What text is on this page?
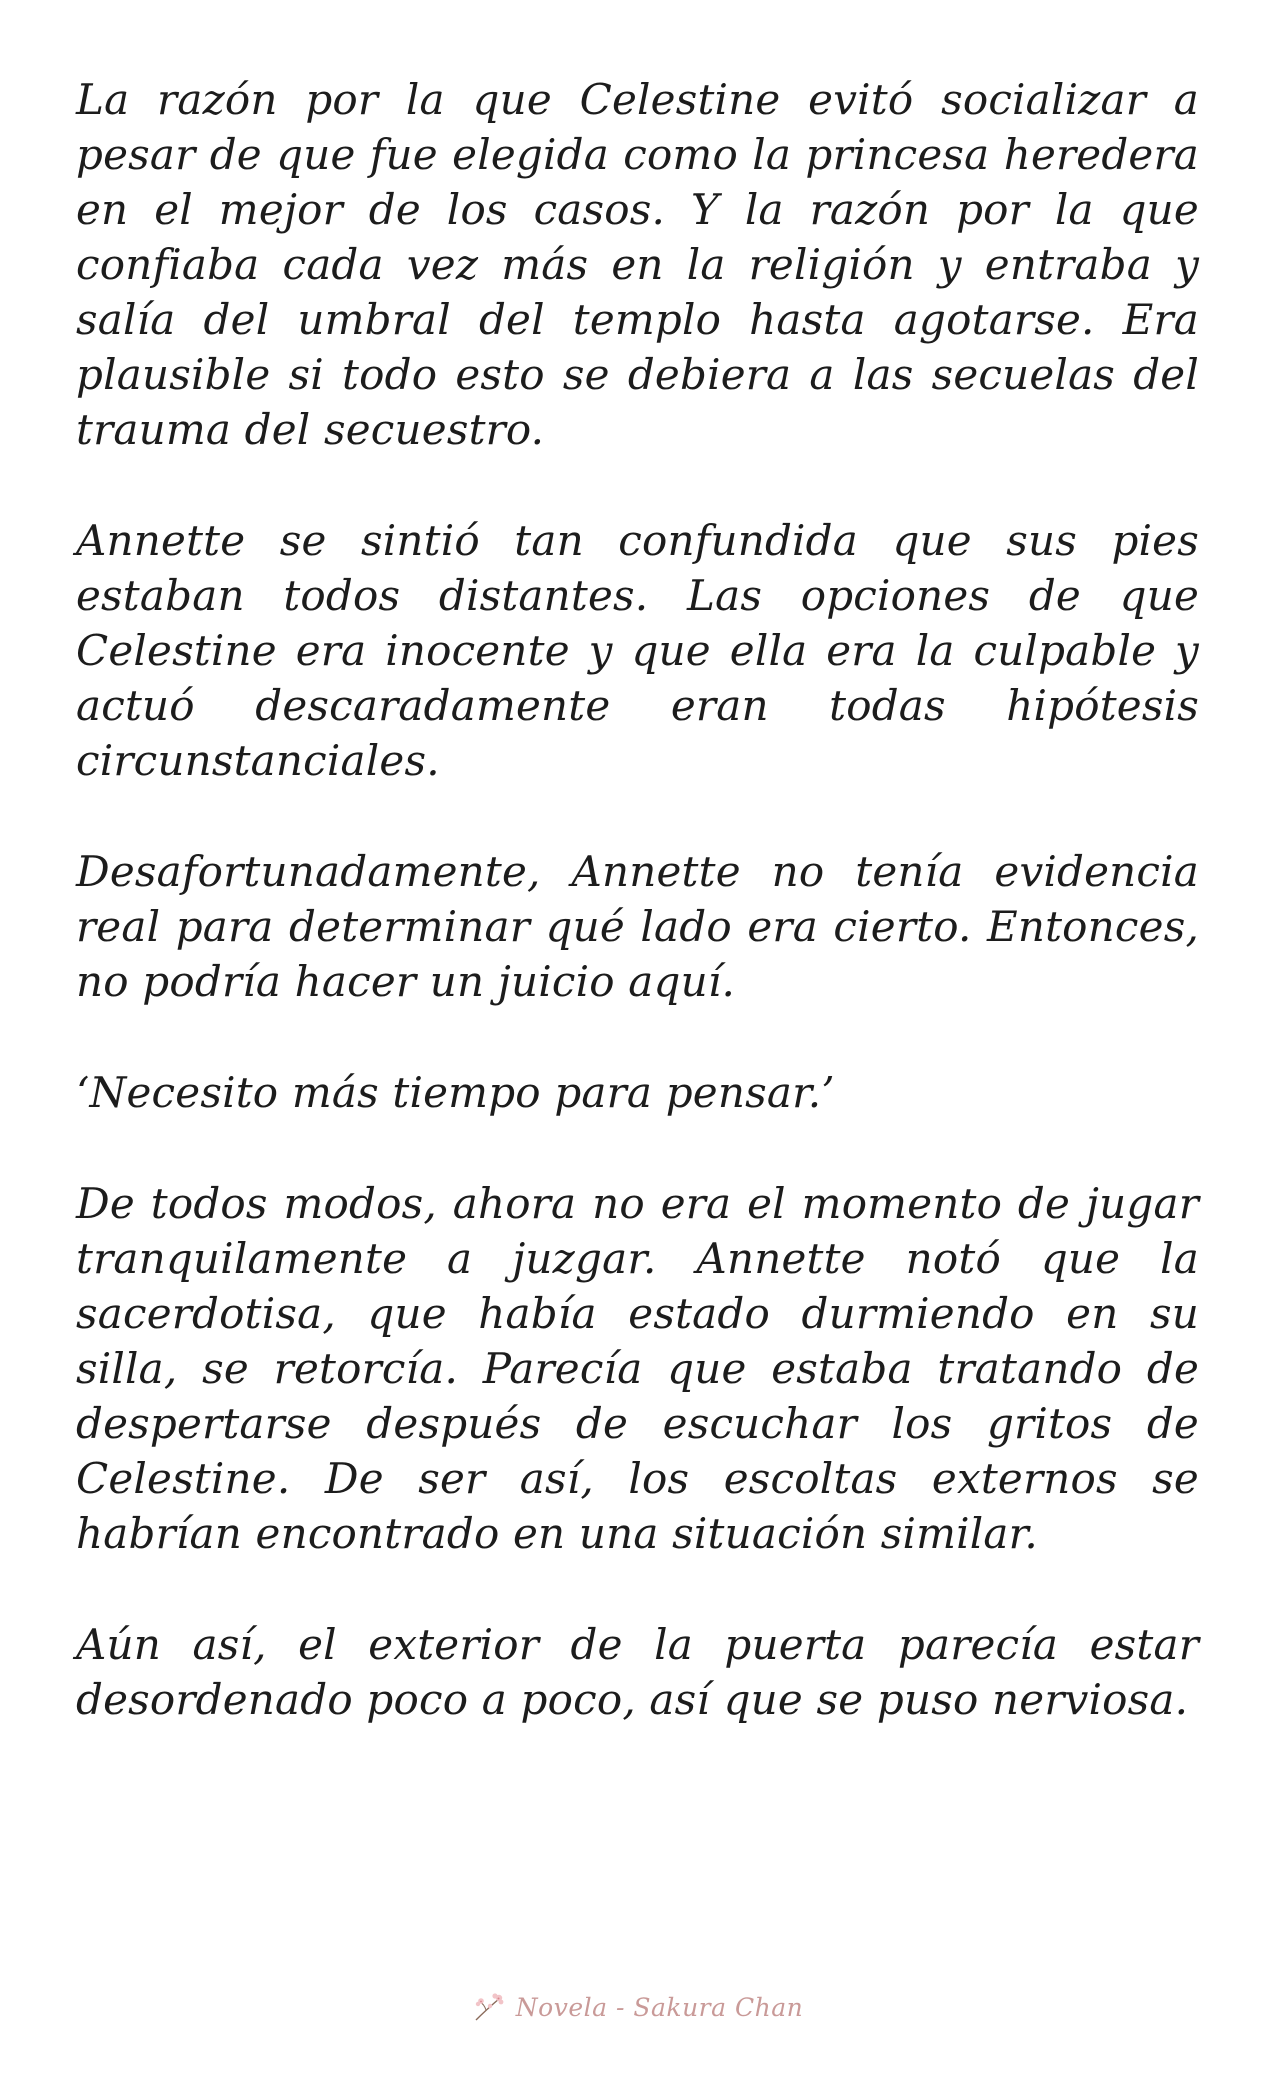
La razón por la que Celestine evitó socializar a pesar de que fue elegida como la princesa heredera en el mejor de los casos. Y la razón por la que confiaba cada vez más en la religión y entraba y salía del umbral del templo hasta agotarse. Era plausible si todo esto se debiera a las secuelas del trauma del secuestro.

Annette se sintió tan confundida que sus pies estaban todos distantes. Las opciones de que Celestine era inocente y que ella era la culpable y actuó descaradamente eran todas hipótesis circunstanciales.

Desafortunadamente, Annette no tenía evidencia real para determinar qué lado era cierto. Entonces, no podría hacer un juicio aquí.

‘Necesito más tiempo para pensar.’

De todos modos, ahora no era el momento de jugar tranquilamente a juzgar. Annette notó que la sacerdotisa, que había estado durmiendo en su silla, se retorcía. Parecía que estaba tratando de despertarse después de escuchar los gritos de Celestine. De ser así, los escoltas externos se habrían encontrado en una situación similar.

Aún así, el exterior de la puerta parecía estar desordenado poco a poco, así que se puso nerviosa.

Novela - Sakura Chan
